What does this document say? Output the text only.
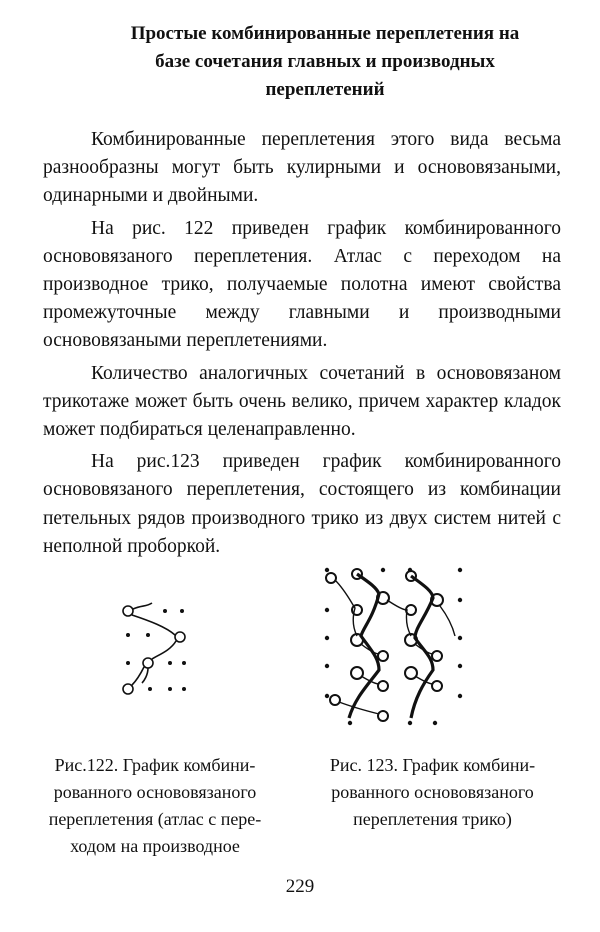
Простые комбинированные переплетения на
базе сочетания главных и производных
переплетений

Комбинированные переплетения этого вида весьма разнообразны могут быть кулирными и основовязаными, одинарными и двойными.

На рис. 122 приведен график комбинированного основовязаного переплетения. Атлас с переходом на производное трико, получаемые полотна имеют свойства промежуточные между главными и производными основовязаными переплетениями.

Количество аналогичных сочетаний в основовязаном трикотаже может быть очень велико, причем характер кладок может подбираться целенаправленно.

На рис.123 приведен график комбинированного основовязаного переплетения, состоящего из комбинации петельных рядов производного трико из двух систем нитей с неполной проборкой.

Рис.122. График комбини-
рованного основовязаного
переплетения (атлас с пере-
ходом на производное
Рис. 123. График комбини-
рованного основовязаного
переплетения трико)
229
